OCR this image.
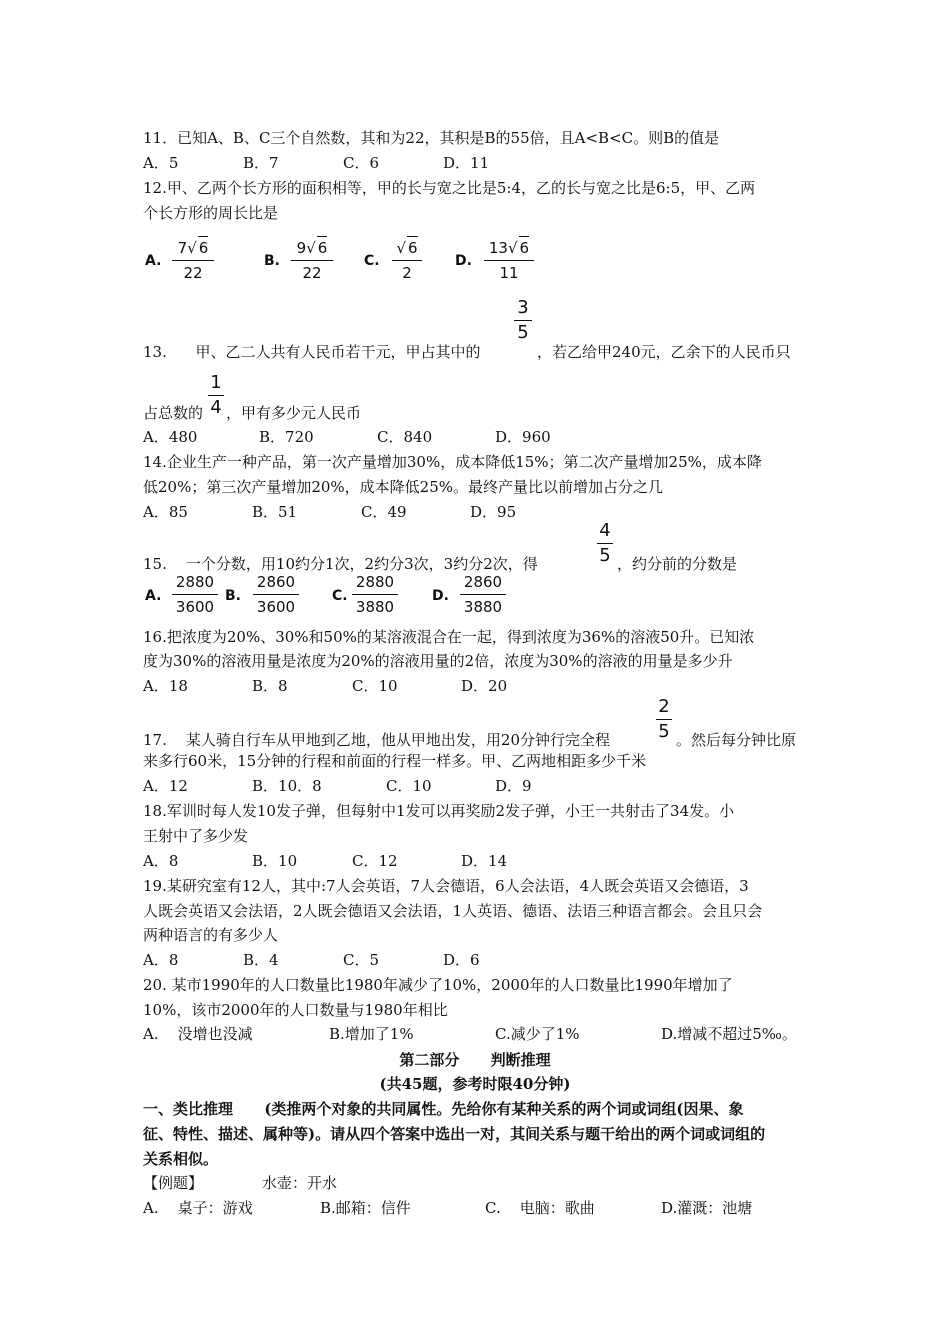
11．已知A、B、C三个自然数，其和为22，其积是B的55倍，且A<B<C。则B的值是
A．5	B．7	C．6	D．11
12.甲、乙两个长方形的面积相等，甲的长与宽之比是5:4，乙的长与宽之比是6:5，甲、乙两
个长方形的周长比是
A.
7√ 6
22
B.
9√ 6
22
C.
√ 6
2
D.
13√ 6
11
3
5
13.      甲、乙二人共有人民币若干元，甲占其中的	，若乙给甲240元，乙余下的人民币只
1
4
占总数的 ，甲有多少元人民币
A．480	B．720	C．840	D．960
14.企业生产一种产品，第一次产量增加30%，成本降低15%；第二次产量增加25%，成本降
低20%；第三次产量增加20%，成本降低25%。最终产量比以前增加占分之几
A．85	B．51	C．49	D．95
4
5
15.    一个分数，用10约分1次，2约分3次，3约分2次，得	，约分前的分数是
A.
2880
3600
B.
2860
3600
C.
2880
3880
D.
2860
3880
16.把浓度为20%、30%和50%的某溶液混合在一起，得到浓度为36%的溶液50升。已知浓
度为30%的溶液用量是浓度为20%的溶液用量的2倍，浓度为30%的溶液的用量是多少升
A．18	B．8	C．10	D．20
2
5
17.    某人骑自行车从甲地到乙地，他从甲地出发，用20分钟行完全程	。然后每分钟比原
来多行60米，15分钟的行程和前面的行程一样多。甲、乙两地相距多少千米
A．12	B．10．8	C．10	D．9
18.军训时每人发10发子弹，但每射中1发可以再奖励2发子弹，小王一共射击了34发。小
王射中了多少发
A．8	B．10	C．12	D．14
19.某研究室有12人，其中:7人会英语，7人会德语，6人会法语，4人既会英语又会德语，3
人既会英语又会法语，2人既会德语又会法语，1人英语、德语、法语三种语言都会。会且只会
两种语言的有多少人
A．8	B．4	C．5	D．6
20. 某市1990年的人口数量比1980年减少了10%，2000年的人口数量比1990年增加了
10%，该市2000年的人口数量与1980年相比
A.    没增也没减	B.增加了1%	C.减少了1%	D.增减不超过5‰。
第二部分      判断推理
(共45题，参考时限40分钟)
一、类比推理      (类推两个对象的共同属性。先给你有某种关系的两个词或词组(因果、象
征、特性、描述、属种等)。请从四个答案中选出一对，其间关系与题干给出的两个词或词组的
关系相似。
【例题】	水壶：开水
A.    桌子：游戏	B.邮箱：信件	C.    电脑：歌曲	D.灌溉：池塘
